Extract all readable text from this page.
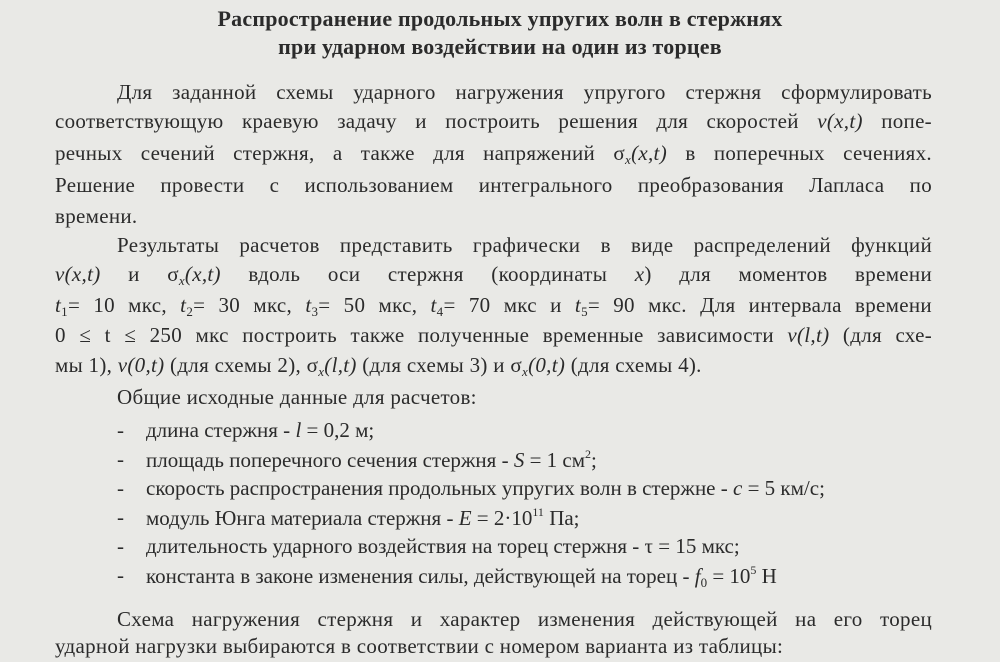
Распространение продольных упругих волн в стержнях
при ударном воздействии на один из торцев
Для заданной схемы ударного нагружения упругого стержня сформулировать
соответствующую краевую задачу и построить решения для скоростей v(x,t) попе-
речных сечений стержня, а также для напряжений $\sigma_x(x,t)$ в поперечных сечениях.
Решение провести с использованием интегрального преобразования Лапласа по
времени.
Результаты расчетов представить графически в виде распределений функций
v(x,t) и $\sigma_x(x,t)$ вдоль оси стержня (координаты x) для моментов времени
$t_1= 10$ мкс, $t_2= 30$ мкс, $t_3= 50$ мкс, $t_4= 70$ мкс и $t_5= 90$ мкс. Для интервала времени
0 ≤ t ≤ 250 мкс построить также полученные временные зависимости v(l,t) (для схе-
мы 1), v(0,t) (для схемы 2), $\sigma_x(l,t)$ (для схемы 3) и $\sigma_x(0,t)$ (для схемы 4).
Общие исходные данные для расчетов:
- длина стержня - l = 0,2 м;
- площадь поперечного сечения стержня - S = 1 $см^2$;
- скорость распространения продольных упругих волн в стержне - c = 5 км/с;
- модуль Юнга материала стержня - $E = 2\cdot 10^{11}$ Па;
- длительность ударного воздействия на торец стержня - τ = 15 мкс;
- константа в законе изменения силы, действующей на торец - $f_0 = 10^5$ Н
Схема нагружения стержня и характер изменения действующей на его торец
ударной нагрузки выбираются в соответствии с номером варианта из таблицы:
